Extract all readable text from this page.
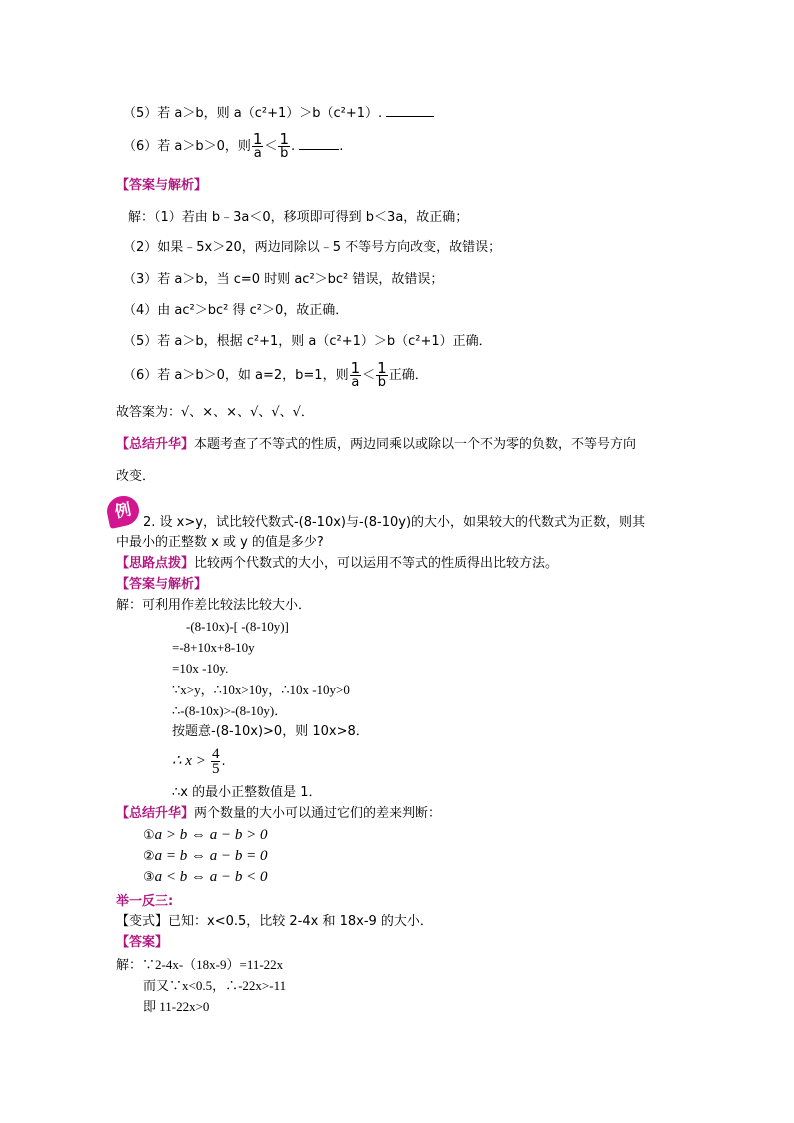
（5）若 a＞b，则 a（c²+1）＞b（c²+1）.
（6）若 a＞b＞0，则 $\frac{1}{a} < \frac{1}{b}$ .	.
【答案与解析】
解：（1）若由 b﹣3a＜0，移项即可得到 b＜3a，故正确；
（2）如果﹣5x＞20，两边同除以﹣5 不等号方向改变，故错误；
（3）若 a＞b，当 c=0 时则 ac²＞bc² 错误，故错误；
（4）由 ac²＞bc² 得 c²＞0，故正确．
（5）若 a＞b，根据 c²+1，则 a（c²+1）＞b（c²+1）正确．
（6）若 a＞b＞0，如 a=2，b=1，则 $\frac{1}{a} < \frac{1}{b}$ 正确．
故答案为：√、×、×、√、√、√．
【总结升华】本题考查了不等式的性质，两边同乘以或除以一个不为零的负数，不等号方向
改变．
例
2. 设 x>y，试比较代数式-(8-10x)与-(8-10y)的大小，如果较大的代数式为正数，则其
中最小的正整数 x 或 y 的值是多少?
【思路点拨】比较两个代数式的大小，可以运用不等式的性质得出比较方法。
【答案与解析】
解：可利用作差比较法比较大小．
-(8-10x)-[ -(8-10y)]
=-8+10x+8-10y
=10x -10y.
∵x>y，∴10x>10y，∴10x -10y>0
∴-(8-10x)>-(8-10y)．
按题意-(8-10x)>0，则 10x>8．
∴ $x > \frac{4}{5}$ .
∴x 的最小正整数值是 1．
【总结升华】两个数量的大小可以通过它们的差来判断：
①a > b ⇔ a − b > 0
②a = b ⇔ a − b = 0
③a < b ⇔ a − b < 0
举一反三:
【变式】已知：x<0.5，比较 2-4x 和 18x-9 的大小．
【答案】
解：∵2-4x-（18x-9）=11-22x
而又∵x<0.5，∴-22x>-11
即 11-22x>0
